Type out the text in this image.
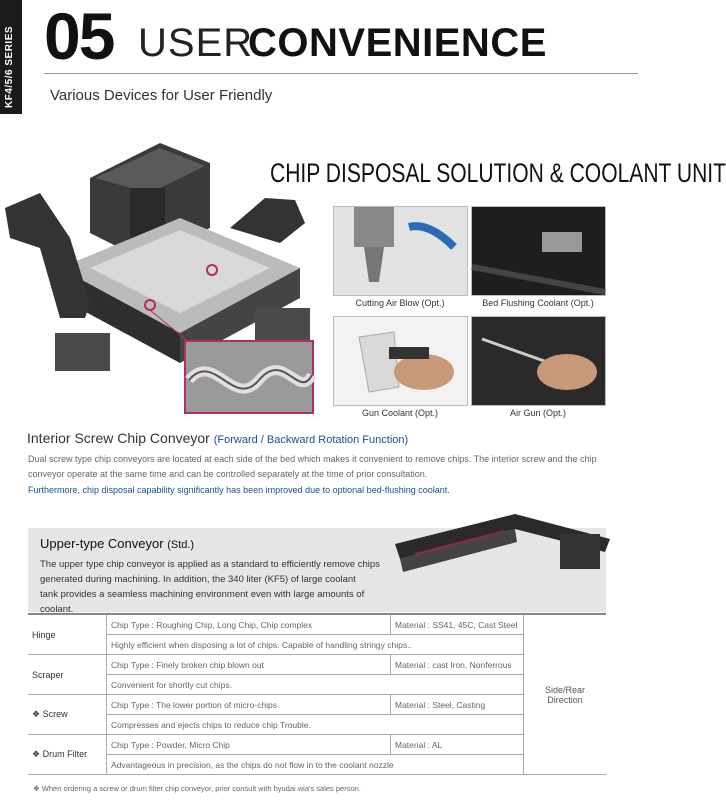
KF4/5/6 SERIES 05 USER
CONVENIENCE
Various Devices for User Friendly
CHIP DISPOSAL SOLUTION & COOLANT UNIT
Cutting Air Blow (Opt.)	Bed Flushing Coolant (Opt.)
Gun Coolant (Opt.)	Air Gun (Opt.)
Interior Screw Chip Conveyor (Forward / Backward Rotation Function)
Dual screw type chip conveyors are located at each side of the bed which makes it convenient to remove chips. The interior screw and the chip
conveyor operate at the same time and can be controlled separately at the time of prior consultation.
Furthermore, chip disposal capability significantly has been improved due to optional bed-flushing coolant.
Upper-type Conveyor (Std.)
The upper type chip conveyor is applied as a standard to efficiently remove chips
generated during machining. In addition, the 340 liter (KF5) of large coolant
tank provides a seamless machining environment even with large amounts of coolant.
Hinge	Chip Type : Roughing Chip, Long Chip, Chip complex	Material : SS41, 45C, Cast Steel	Side/Rear Direction
	Highly efficient when disposing a lot of chips. Capable of handling stringy chips..		
Scraper	Chip Type : Finely broken chip blown out	Material : cast Iron, Nonferrous	
	Convenient for shortly cut chips.		
❖ Screw	Chip Type : The lower portion of micro-chips	Material : Steel, Casting	
	Compresses and ejects chips to reduce chip Trouble.		
❖ Drum Filter	Chip Type : Powder, Micro Chip	Material : AL	
	Advantageous in precision, as the chips do not flow in to the coolant nozzle		
❖ When ordering a screw or drum filter chip conveyor, prior consult with hyudai wia's sales person.
